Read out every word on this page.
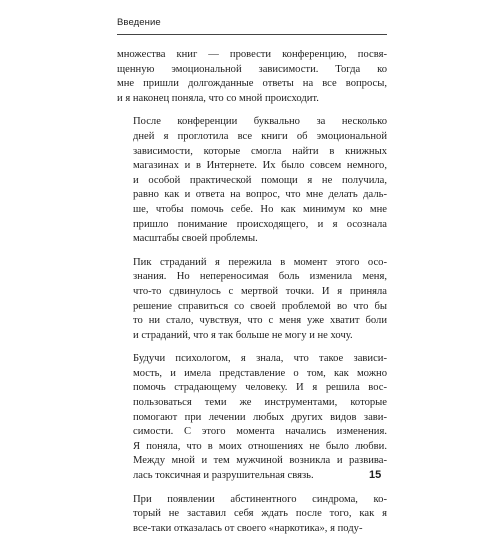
Введение

множества книг — провести конференцию, посвя-
щенную эмоциональной зависимости. Тогда ко
мне пришли долгожданные ответы на все вопросы,
и я наконец поняла, что со мной происходит.

После конференции буквально за несколько
дней я проглотила все книги об эмоциональной
зависимости, которые смогла найти в книжных
магазинах и в Интернете. Их было совсем немного,
и особой практической помощи я не получила,
равно как и ответа на вопрос, что мне делать даль-
ше, чтобы помочь себе. Но как минимум ко мне
пришло понимание происходящего, и я осознала
масштабы своей проблемы.

Пик страданий я пережила в момент этого осо-
знания. Но непереносимая боль изменила меня,
что-то сдвинулось с мертвой точки. И я приняла
решение справиться со своей проблемой во что бы
то ни стало, чувствуя, что с меня уже хватит боли
и страданий, что я так больше не могу и не хочу.

Будучи психологом, я знала, что такое зависи-
мость, и имела представление о том, как можно
помочь страдающему человеку. И я решила вос-
пользоваться теми же инструментами, которые
помогают при лечении любых других видов зави-
симости. С этого момента начались изменения.
Я поняла, что в моих отношениях не было любви.
Между мной и тем мужчиной возникла и развива-
лась токсичная и разрушительная связь.

При появлении абстинентного синдрома, ко-
торый не заставил себя ждать после того, как я
все-таки отказалась от своего «наркотика», я поду-

15
